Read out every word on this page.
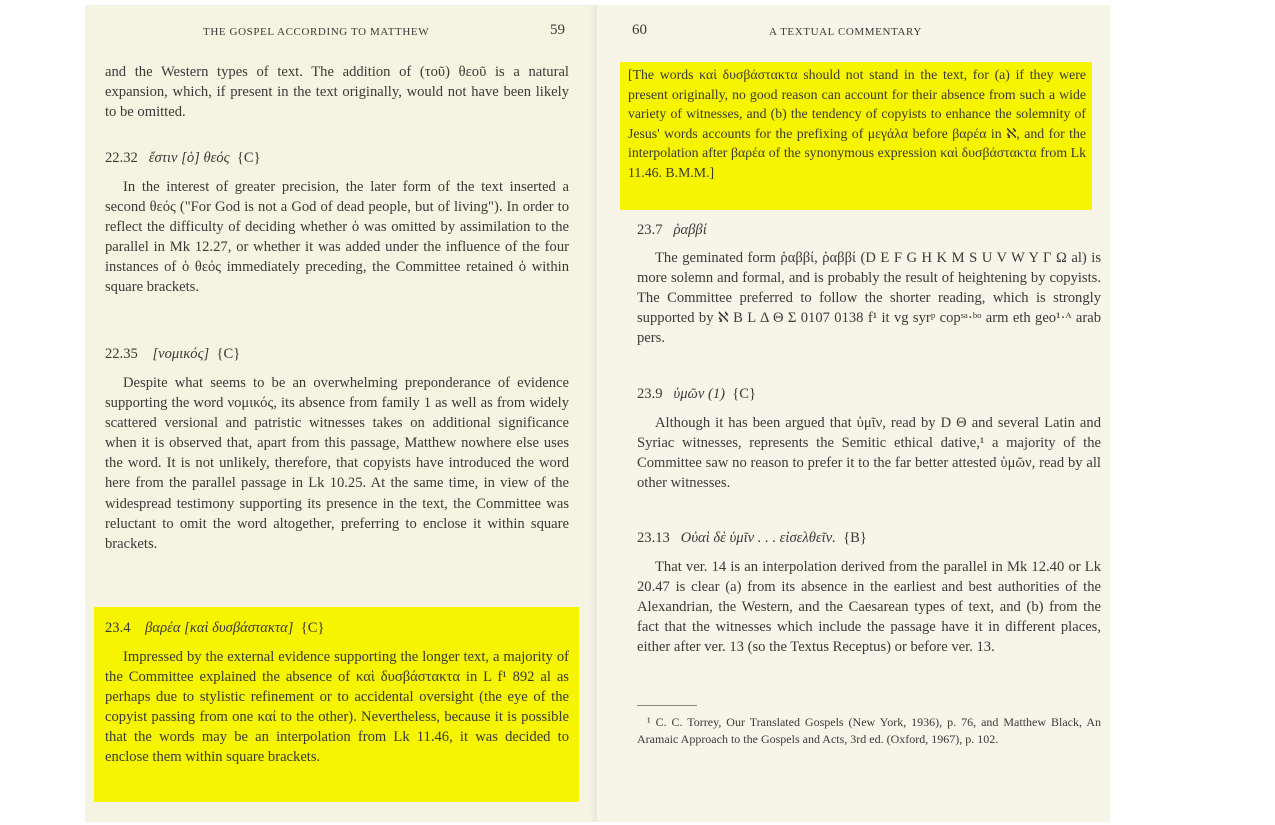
THE GOSPEL ACCORDING TO MATTHEW	59

and the Western types of text. The addition of (τοῦ) θεοῦ is a natural expansion, which, if present in the text originally, would not have been likely to be omitted.

22.32 ἔστιν [ὁ] θεός {C}

In the interest of greater precision, the later form of the text inserted a second θεός ("For God is not a God of dead people, but of living"). In order to reflect the difficulty of deciding whether ὁ was omitted by assimilation to the parallel in Mk 12.27, or whether it was added under the influence of the four instances of ὁ θεός immediately preceding, the Committee retained ὁ within square brackets.

22.35 [νομικός] {C}

Despite what seems to be an overwhelming preponderance of evidence supporting the word νομικός, its absence from family 1 as well as from widely scattered versional and patristic witnesses takes on additional significance when it is observed that, apart from this passage, Matthew nowhere else uses the word. It is not unlikely, therefore, that copyists have introduced the word here from the parallel passage in Lk 10.25. At the same time, in view of the widespread testimony supporting its presence in the text, the Committee was reluctant to omit the word altogether, preferring to enclose it within square brackets.

23.4 βαρέα [καὶ δυσβάστακτα] {C}

Impressed by the external evidence supporting the longer text, a majority of the Committee explained the absence of καὶ δυσβάστακτα in L f¹ 892 al as perhaps due to stylistic refinement or to accidental oversight (the eye of the copyist passing from one καί to the other). Nevertheless, because it is possible that the words may be an interpolation from Lk 11.46, it was decided to enclose them within square brackets.

60	A TEXTUAL COMMENTARY

[The words καὶ δυσβάστακτα should not stand in the text, for (a) if they were present originally, no good reason can account for their absence from such a wide variety of witnesses, and (b) the tendency of copyists to enhance the solemnity of Jesus' words accounts for the prefixing of μεγάλα before βαρέα in ℵ, and for the interpolation after βαρέα of the synonymous expression καὶ δυσβάστακτα from Lk 11.46. B.M.M.]

23.7 ῥαββί

The geminated form ῥαββί, ῥαββί (D E F G H K M S U V W Y Γ Ω al) is more solemn and formal, and is probably the result of heightening by copyists. The Committee preferred to follow the shorter reading, which is strongly supported by ℵ B L Δ Θ Σ 0107 0138 f¹ it vg syrᵖ copˢᵃ·ᵇᵒ arm eth geo¹·ᴬ arab pers.

23.9 ὑμῶν (1) {C}

Although it has been argued that ὑμῖν, read by D Θ and several Latin and Syriac witnesses, represents the Semitic ethical dative,¹ a majority of the Committee saw no reason to prefer it to the far better attested ὑμῶν, read by all other witnesses.

23.13 Οὐαὶ δὲ ὑμῖν . . . εἰσελθεῖν. {B}

That ver. 14 is an interpolation derived from the parallel in Mk 12.40 or Lk 20.47 is clear (a) from its absence in the earliest and best authorities of the Alexandrian, the Western, and the Caesarean types of text, and (b) from the fact that the witnesses which include the passage have it in different places, either after ver. 13 (so the Textus Receptus) or before ver. 13.

¹ C. C. Torrey, Our Translated Gospels (New York, 1936), p. 76, and Matthew Black, An Aramaic Approach to the Gospels and Acts, 3rd ed. (Oxford, 1967), p. 102.
